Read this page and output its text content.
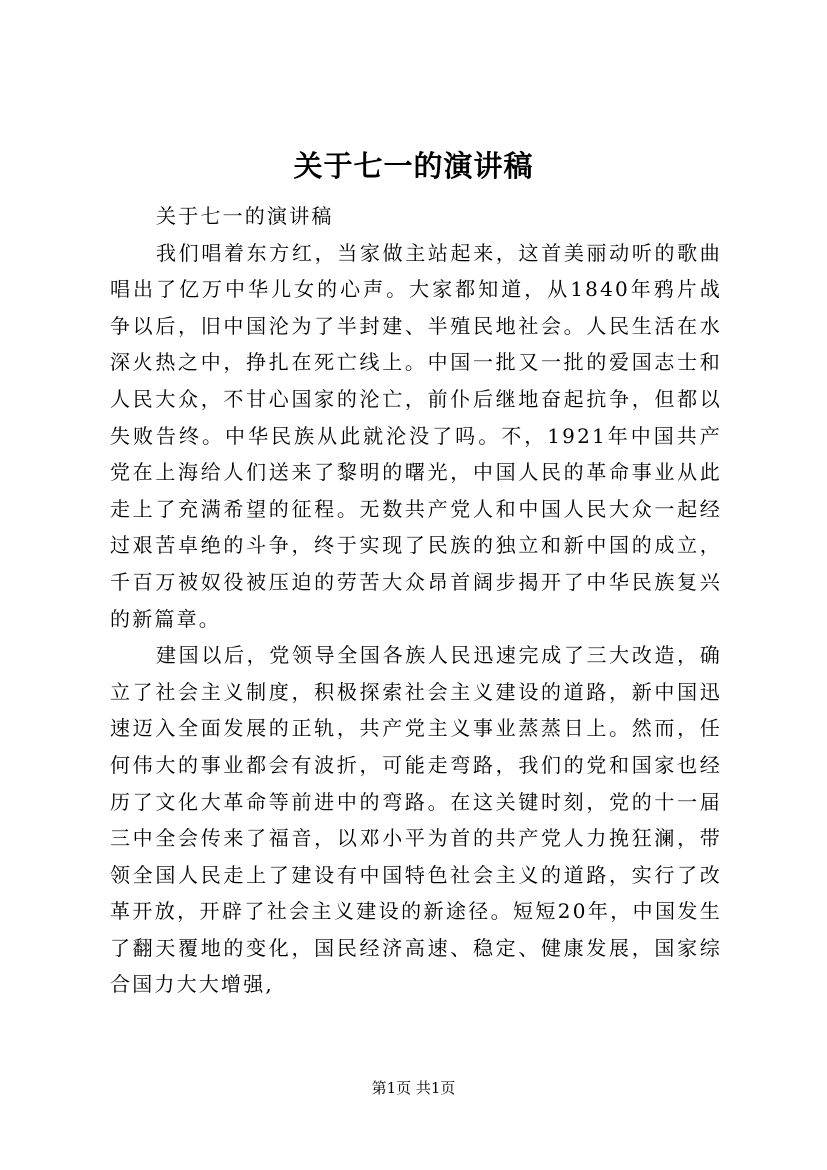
关于七一的演讲稿

关于七一的演讲稿

我们唱着东方红，当家做主站起来，这首美丽动听的歌曲唱出了亿万中华儿女的心声。大家都知道，从1840年鸦片战争以后，旧中国沦为了半封建、半殖民地社会。人民生活在水深火热之中，挣扎在死亡线上。中国一批又一批的爱国志士和人民大众，不甘心国家的沦亡，前仆后继地奋起抗争，但都以失败告终。中华民族从此就沦没了吗。不，1921年中国共产党在上海给人们送来了黎明的曙光，中国人民的革命事业从此走上了充满希望的征程。无数共产党人和中国人民大众一起经过艰苦卓绝的斗争，终于实现了民族的独立和新中国的成立，千百万被奴役被压迫的劳苦大众昂首阔步揭开了中华民族复兴的新篇章。

建国以后，党领导全国各族人民迅速完成了三大改造，确立了社会主义制度，积极探索社会主义建设的道路，新中国迅速迈入全面发展的正轨，共产党主义事业蒸蒸日上。然而，任何伟大的事业都会有波折，可能走弯路，我们的党和国家也经历了文化大革命等前进中的弯路。在这关键时刻，党的十一届三中全会传来了福音，以邓小平为首的共产党人力挽狂澜，带领全国人民走上了建设有中国特色社会主义的道路，实行了改革开放，开辟了社会主义建设的新途径。短短20年，中国发生了翻天覆地的变化，国民经济高速、稳定、健康发展，国家综合国力大大增强,

第1页 共1页
